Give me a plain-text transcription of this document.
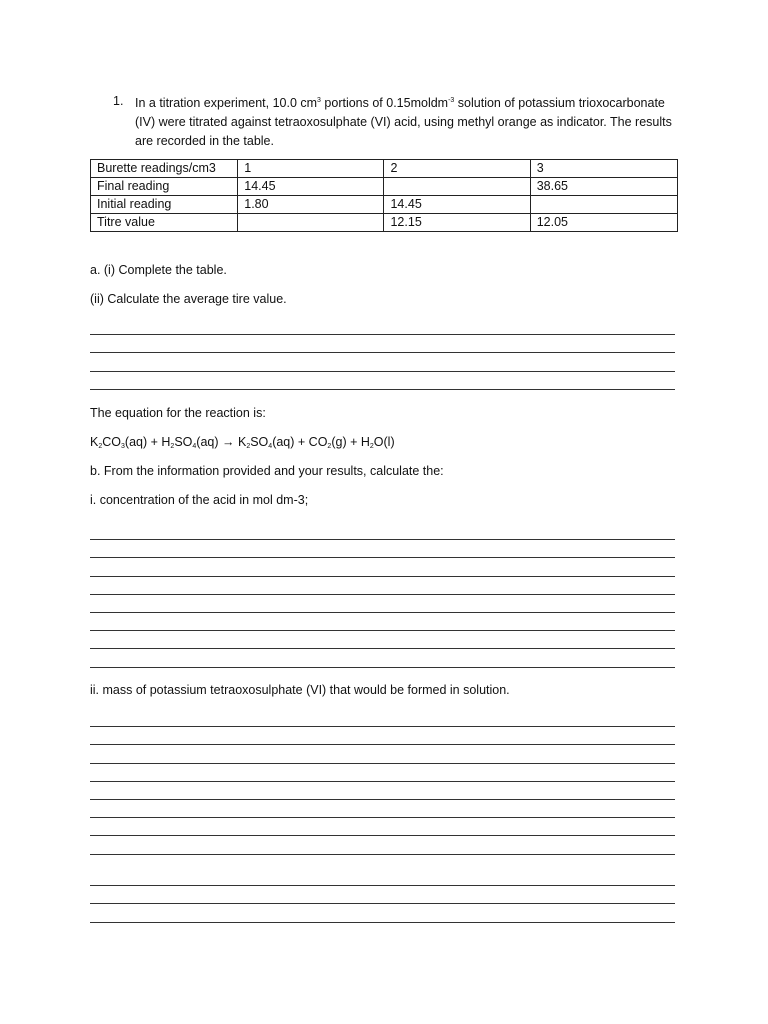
1. In a titration experiment, 10.0 $cm^3$ portions of 0.15moldm$^{-3}$ solution of potassium trioxocarbonate (IV) were titrated against tetraoxosulphate (VI) acid, using methyl orange as indicator. The results are recorded in the table.
Burette readings/cm3	1	2	3
Final reading	14.45		38.65
Initial reading	1.80	14.45	
Titre value		12.15	12.05
a. (i) Complete the table.
(ii) Calculate the average tire value.
The equation for the reaction is:
$K_2CO_3(aq) + H_2SO_4(aq) \to K_2SO_4(aq) + CO_2(g) + H_2O(l)$
b. From the information provided and your results, calculate the:
i. concentration of the acid in mol dm-3;
ii. mass of potassium tetraoxosulphate (VI) that would be formed in solution.
